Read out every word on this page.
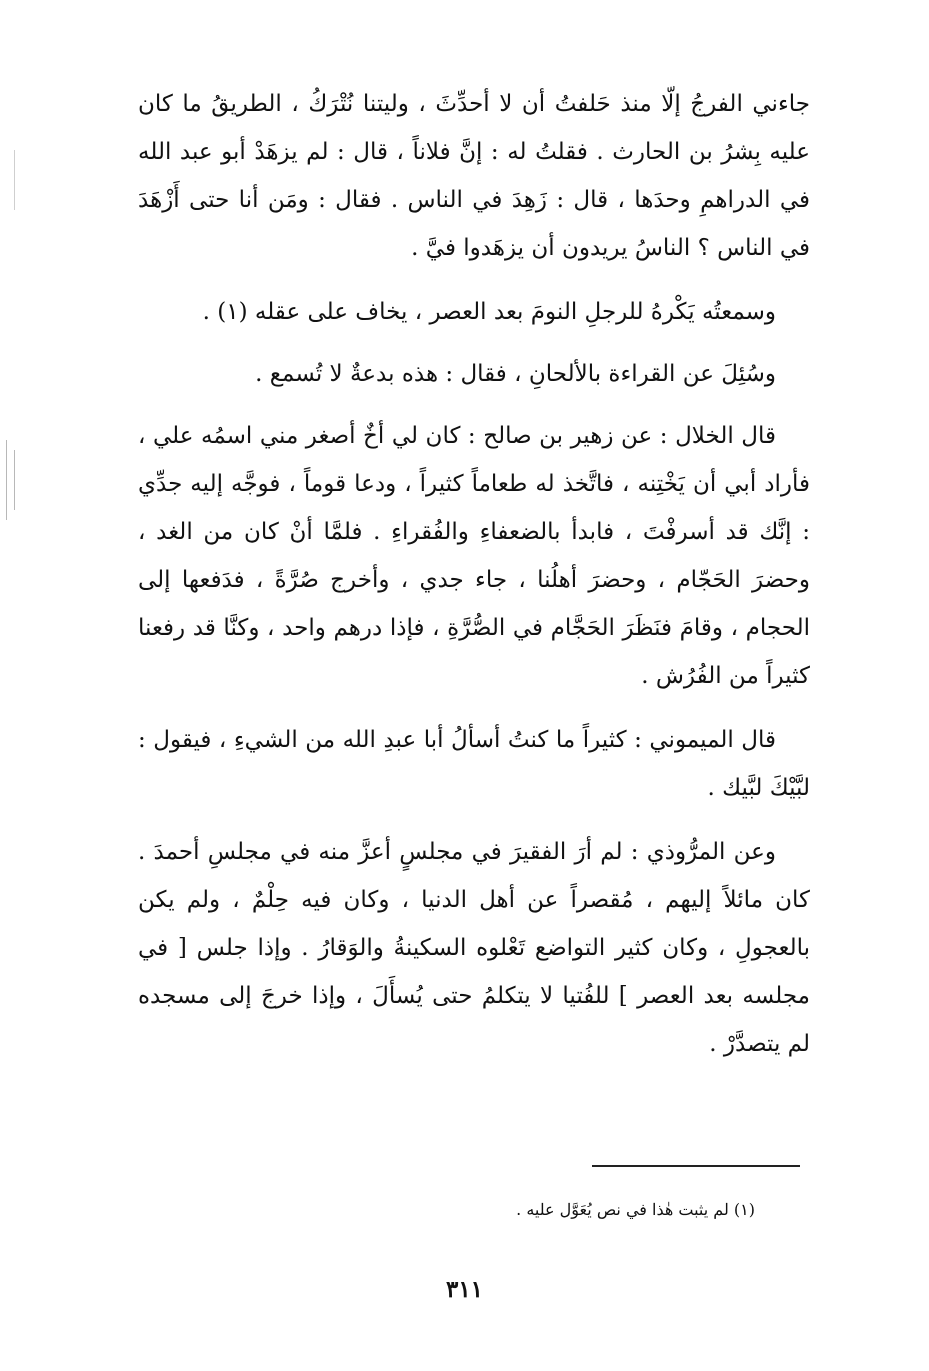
جاءني الفرجُ إلّا منذ حَلفتُ أن لا أحدِّثَ ، وليتنا نُتْرَكُ ، الطريقُ ما كان عليه بِشرُ بن الحارث . فقلتُ له : إنَّ فلاناً ، قال : لم يزهَدْ أبو عبد الله في الدراهمِ وحدَها ، قال : زَهِدَ في الناس . فقال : ومَن أنا حتى أَزْهَدَ في الناس ؟ الناسُ يريدون أن يزهَدوا فيَّ .

وسمعتُه يَكْرهُ للرجلِ النومَ بعد العصر ، يخاف على عقله (١) .

وسُئِلَ عن القراءة بالألحانِ ، فقال : هذه بدعةٌ لا تُسمع .

قال الخلال : عن زهير بن صالح : كان لي أخٌ أصغر مني اسمُه علي ، فأراد أبي أن يَخْتِنه ، فاتَّخذ له طعاماً كثيراً ، ودعا قوماً ، فوجَّه إليه جدِّي : إنَّك قد أسرفْتَ ، فابدأ بالضعفاءِ والفُقراءِ . فلمَّا أنْ كان من الغد ، وحضرَ الحَجّام ، وحضرَ أهلُنا ، جاء جدي ، وأخرج صُرَّةً ، فدَفعها إلى الحجام ، وقامَ فنَظَرَ الحَجَّام في الصُّرَّةِ ، فإذا درهم واحد ، وكنَّا قد رفعنا كثيراً من الفُرُش .

قال الميموني : كثيراً ما كنتُ أسألُ أبا عبدِ الله من الشيءِ ، فيقول : لبَّيْكَ لبَّيك .

وعن المرُّوذي : لم أرَ الفقيرَ في مجلسٍ أعزَّ منه في مجلسِ أحمدَ . كان مائلاً إليهم ، مُقصراً عن أهل الدنيا ، وكان فيه حِلْمٌ ، ولم يكن بالعجولِ ، وكان كثير التواضع تَعْلوه السكينةُ والوَقارُ . وإذا جلس [ في مجلسه بعد العصر ] للفُتيا لا يتكلمُ حتى يُسأَلَ ، وإذا خرجَ إلى مسجده لم يتصدَّرْ .

(١) لم يثبت هٰذا في نص يُعَوَّل عليه .
٣١١
